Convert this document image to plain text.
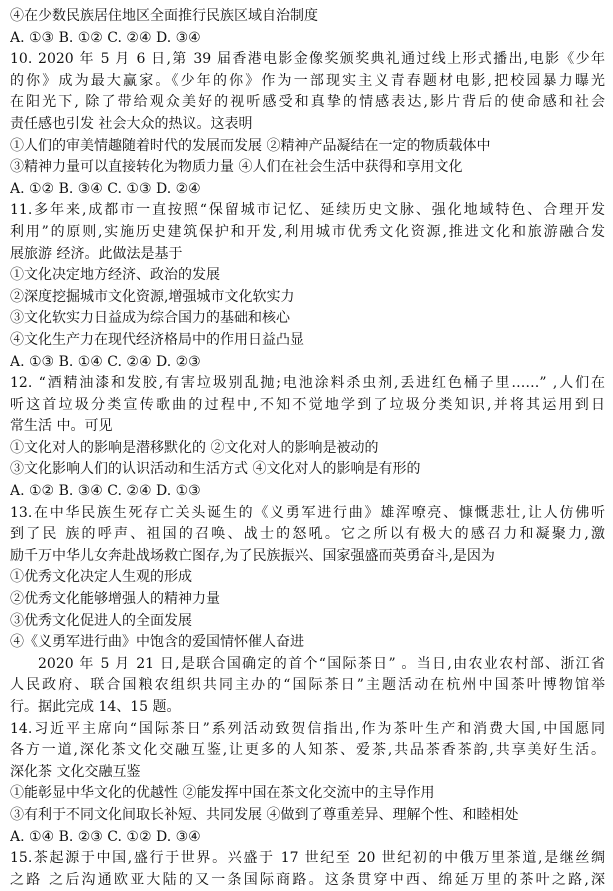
④在少数民族居住地区全面推行民族区域自治制度
A. ①③ B. ①② C. ②④ D. ③④
10. 2020 年 5 月 6 日,第 39 届香港电影金像奖颁奖典礼通过线上形式播出,电影《少年
的你》成为最大赢家。《少年的你》作为一部现实主义青春题材电影,把校园暴力曝光
在阳光下, 除了带给观众美好的视听感受和真挚的情感表达,影片背后的使命感和社会
责任感也引发 社会大众的热议。这表明
①人们的审美情趣随着时代的发展而发展 ②精神产品凝结在一定的物质载体中
③精神力量可以直接转化为物质力量 ④人们在社会生活中获得和享用文化
A. ①② B. ③④ C. ①③ D. ②④
11.多年来,成都市一直按照“保留城市记忆、延续历史文脉、强化地域特色、合理开发
利用”的原则,实施历史建筑保护和开发,利用城市优秀文化资源,推进文化和旅游融合发
展旅游 经济。此做法是基于
①文化决定地方经济、政治的发展
②深度挖掘城市文化资源,增强城市文化软实力
③文化软实力日益成为综合国力的基础和核心
④文化生产力在现代经济格局中的作用日益凸显
A. ①③ B. ①④ C. ②④ D. ②③
12. “酒精油漆和发胶,有害垃圾别乱抛;电池涂料杀虫剂,丢进红色桶子里……” ,人们在
听这首垃圾分类宣传歌曲的过程中,不知不觉地学到了垃圾分类知识,并将其运用到日
常生活 中。可见
①文化对人的影响是潜移默化的 ②文化对人的影响是被动的
③文化影响人们的认识活动和生活方式 ④文化对人的影响是有形的
A. ①② B. ③④ C. ②④ D. ①③
13.在中华民族生死存亡关头诞生的《义勇军进行曲》雄浑嘹亮、慷慨悲壮,让人仿佛听
到了民 族的呼声、祖国的召唤、战士的怒吼。它之所以有极大的感召力和凝聚力,激
励千万中华儿女奔赴战场救亡图存,为了民族振兴、国家强盛而英勇奋斗,是因为
①优秀文化决定人生观的形成
②优秀文化能够增强人的精神力量
③优秀文化促进人的全面发展
④《义勇军进行曲》中饱含的爱国情怀催人奋进
2020 年 5 月 21 日,是联合国确定的首个“国际茶日” 。当日,由农业农村部、浙江省
人民政府、联合国粮农组织共同主办的“国际茶日”主题活动在杭州中国茶叶博物馆举
行。据此完成 14、15 题。
14.习近平主席向“国际茶日”系列活动致贺信指出,作为茶叶生产和消费大国,中国愿同
各方一道,深化茶文化交融互鉴,让更多的人知茶、爱茶,共品茶香茶韵,共享美好生活。
深化茶 文化交融互鉴
①能彰显中华文化的优越性 ②能发挥中国在茶文化交流中的主导作用
③有利于不同文化间取长补短、共同发展 ④做到了尊重差异、理解个性、和睦相处
A. ①④ B. ②③ C. ①② D. ③④
15.茶起源于中国,盛行于世界。兴盛于 17 世纪至 20 世纪初的中俄万里茶道,是继丝绸
之路 之后沟通欧亚大陆的又一条国际商路。这条贯穿中西、绵延万里的茶叶之路,深
